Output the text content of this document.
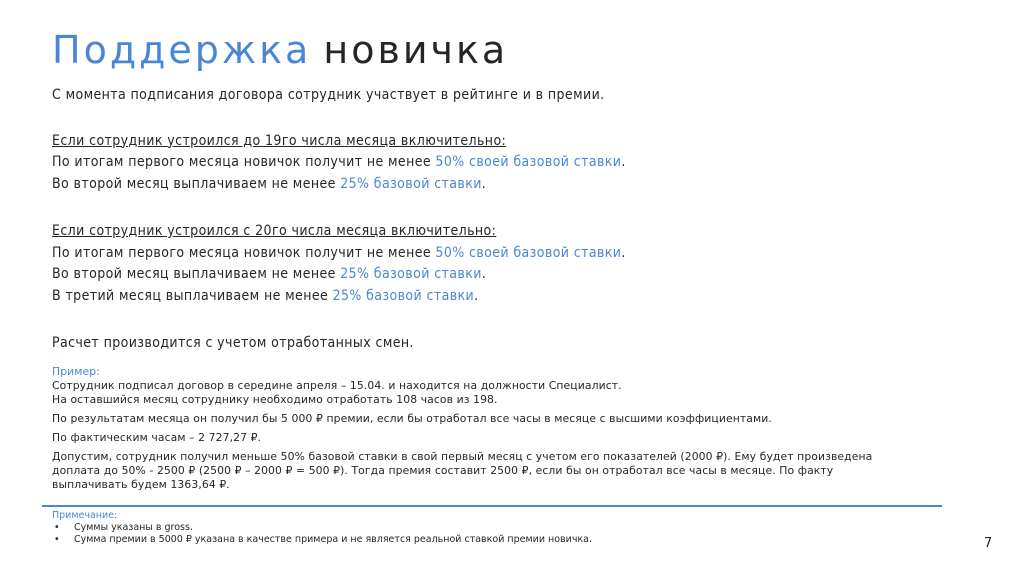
Поддержка новичка
С момента подписания договора сотрудник участвует в рейтинге и в премии.
Если сотрудник устроился до 19го числа месяца включительно:
По итогам первого месяца новичок получит не менее 50% своей базовой ставки.
Во второй месяц выплачиваем не менее 25% базовой ставки.
Если сотрудник устроился с 20го числа месяца включительно:
По итогам первого месяца новичок получит не менее 50% своей базовой ставки.
Во второй месяц выплачиваем не менее 25% базовой ставки.
В третий месяц выплачиваем не менее 25% базовой ставки.
Расчет производится с учетом отработанных смен.
Пример:
Сотрудник подписал договор в середине апреля – 15.04. и находится на должности Специалист.
На оставшийся месяц сотруднику необходимо отработать 108 часов из 198.
По результатам месяца он получил бы 5 000 ₽ премии, если бы отработал все часы в месяце с высшими коэффициентами.
По фактическим часам – 2 727,27 ₽.
Допустим, сотрудник получил меньше 50% базовой ставки в свой первый месяц с учетом его показателей (2000 ₽). Ему будет произведена
доплата до 50% - 2500 ₽ (2500 ₽ – 2000 ₽ = 500 ₽). Тогда премия составит 2500 ₽, если бы он отработал все часы в месяце. По факту
выплачивать будем 1363,64 ₽.
Примечание:
• Суммы указаны в gross.
• Сумма премии в 5000 ₽ указана в качестве примера и не является реальной ставкой премии новичка.	7
